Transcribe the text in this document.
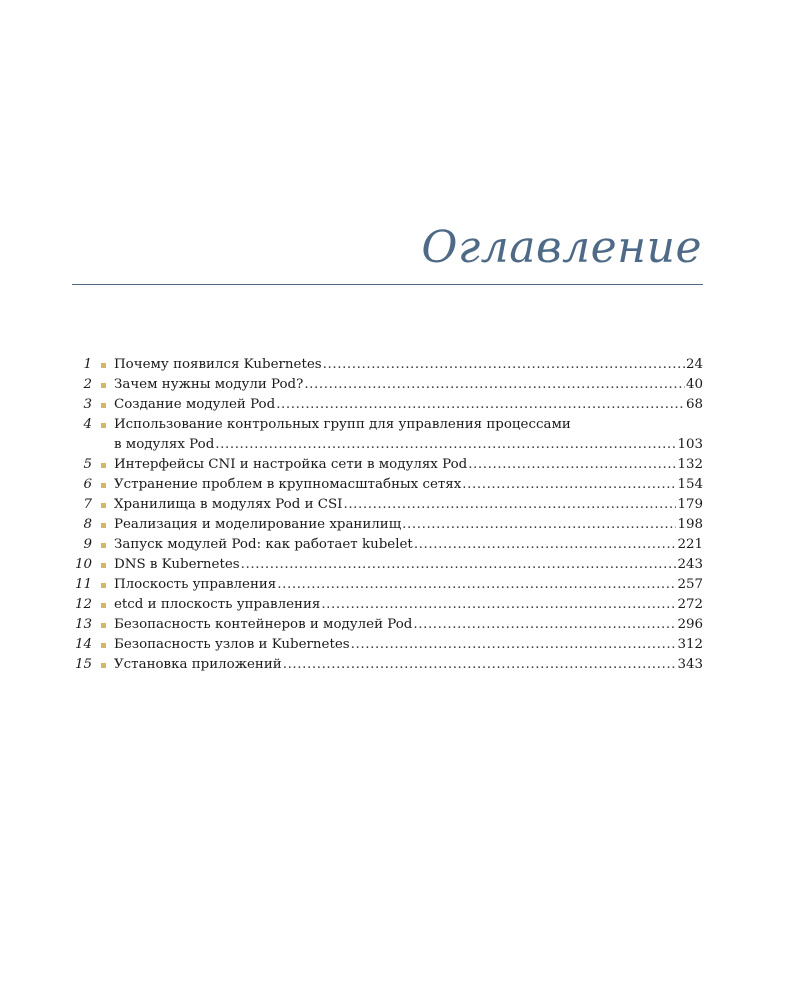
Оглавление
1 Почему появился Kubernetes .....	24
2 Зачем нужны модули Pod? .....	40
3 Создание модулей Pod .....	68
4 Использование контрольных групп для управления процессами
в модулях Pod .....	103
5 Интерфейсы CNI и настройка сети в модулях Pod .....	132
6 Устранение проблем в крупномасштабных сетях .....	154
7 Хранилища в модулях Pod и CSI .....	179
8 Реализация и моделирование хранилищ .....	198
9 Запуск модулей Pod: как работает kubelet .....	221
10 DNS в Kubernetes .....	243
11 Плоскость управления .....	257
12 etcd и плоскость управления .....	272
13 Безопасность контейнеров и модулей Pod .....	296
14 Безопасность узлов и Kubernetes .....	312
15 Установка приложений .....	343
